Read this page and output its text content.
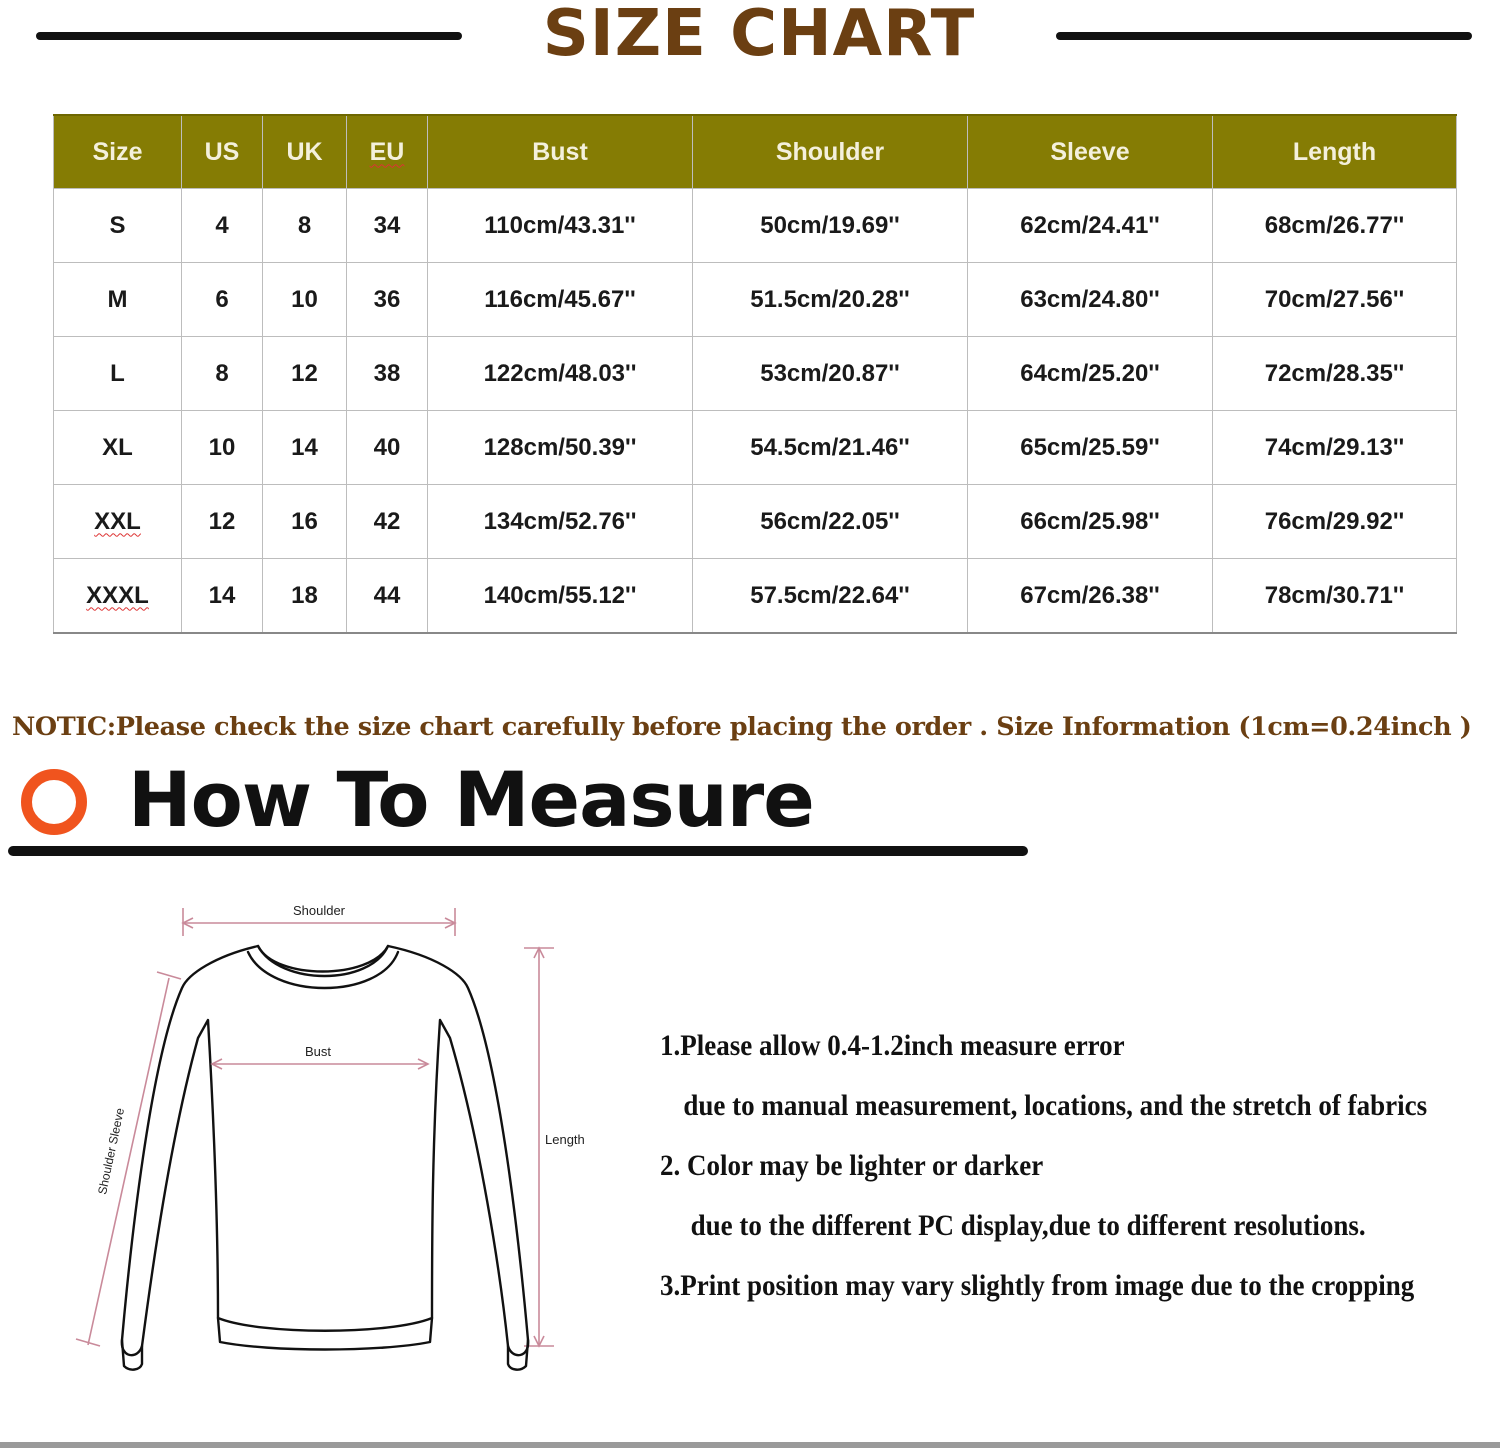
SIZE CHART
Size	US	UK	EU	Bust	Shoulder	Sleeve	Length
S	4	8	34	110cm/43.31''	50cm/19.69''	62cm/24.41''	68cm/26.77''
M	6	10	36	116cm/45.67''	51.5cm/20.28''	63cm/24.80''	70cm/27.56''
L	8	12	38	122cm/48.03''	53cm/20.87''	64cm/25.20''	72cm/28.35''
XL	10	14	40	128cm/50.39''	54.5cm/21.46''	65cm/25.59''	74cm/29.13''
XXL	12	16	42	134cm/52.76''	56cm/22.05''	66cm/25.98''	76cm/29.92''
XXXL	14	18	44	140cm/55.12''	57.5cm/22.64''	67cm/26.38''	78cm/30.71''
NOTIC:Please check the size chart carefully before placing the order . Size Information (1cm=0.24inch )
How To Measure
Shoulder
Length
Shoulder Sleeve
Bust	1.Please allow 0.4-1.2inch measure error
due to manual measurement, locations, and the stretch of fabrics
2. Color may be lighter or darker
due to the different PC display,due to different resolutions.
3.Print position may vary slightly from image due to the cropping
